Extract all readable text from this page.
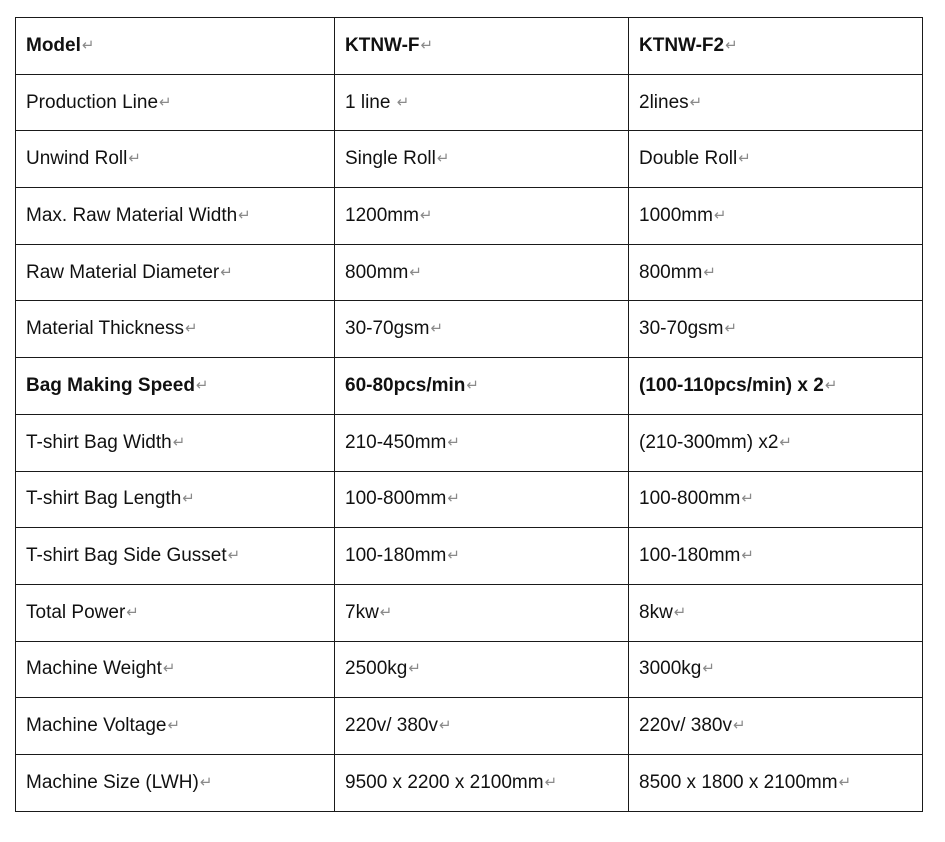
Model↵	KTNW-F↵	KTNW-F2↵
Production Line↵	1 line ↵	2lines↵
Unwind Roll↵	Single Roll↵	Double Roll↵
Max. Raw Material Width↵	1200mm↵	1000mm↵
Raw Material Diameter↵	800mm↵	800mm↵
Material Thickness↵	30-70gsm↵	30-70gsm↵
Bag Making Speed↵	60-80pcs/min↵	(100-110pcs/min) x 2↵
T-shirt Bag Width↵	210-450mm↵	(210-300mm) x2↵
T-shirt Bag Length↵	100-800mm↵	100-800mm↵
T-shirt Bag Side Gusset↵	100-180mm↵	100-180mm↵
Total Power↵	7kw↵	8kw↵
Machine Weight↵	2500kg↵	3000kg↵
Machine Voltage↵	220v/ 380v↵	220v/ 380v↵
Machine Size (LWH)↵	9500 x 2200 x 2100mm↵	8500 x 1800 x 2100mm↵
